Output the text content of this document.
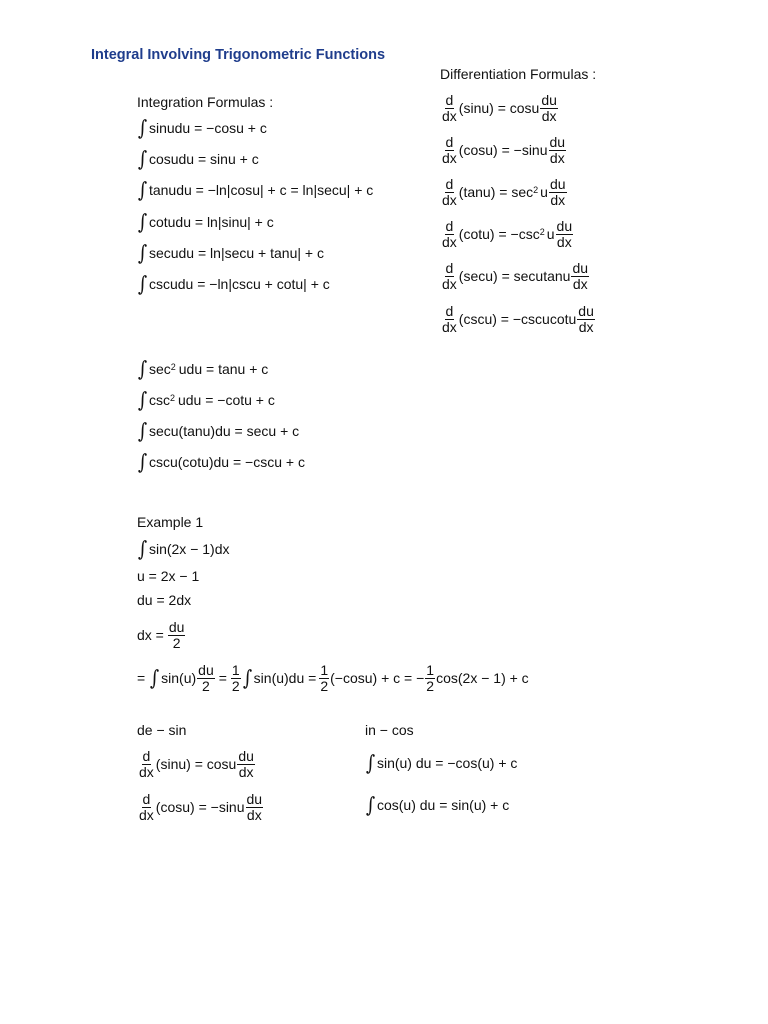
Integral Involving Trigonometric Functions
Integration Formulas :
∫ sinudu = −cosu + c
∫ cosudu = sinu + c
∫ tanudu = −ln|cosu| + c = ln|secu| + c
∫ cotudu = ln|sinu| + c
∫ secudu = ln|secu + tanu| + c
∫ cscudu = −ln|cscu + cotu| + c
Differentiation Formulas :
$\frac{d}{dx} (\sin u) = \cos u \frac{du}{dx}$
$\frac{d}{dx} (\cos u) = -\sin u \frac{du}{dx}$
$\frac{d}{dx} (\tan u) = \sec^2 u \frac{du}{dx}$
$\frac{d}{dx} (\cot u) = -\csc^2$ u $\frac{du}{dx}$
$\frac{d}{dx} (\sec u)$ = secutanu $\frac{du}{dx}$
$\frac{d}{dx} (\csc u)$ = −cscucotu $\frac{du}{dx}$
∫ $\sec^2$ udu = tanu + c
∫ $\csc^2$ udu = −cotu + c
∫ secu(tanu)du = secu + c
∫ cscu(cotu)du = −cscu + c
Example 1
∫ sin(2x − 1)dx
u = 2x − 1
du = 2dx
dx = $\frac{du}{2}$
= ∫ $\sin(u) \frac{du}{2} = \frac{1}{2}$ ∫ $\sin(u)du = \frac{1}{2} (-\cos u) + c$ = − $\frac{1}{2} \cos(2x - 1) + c$
de − sin
$\frac{d}{dx} (\sin u) = \cos u \frac{du}{dx}$
$\frac{d}{dx} (\cos u) = -\sin u \frac{du}{dx}$
in − cos
∫ sin(u) du = −cos(u) + c
∫ cos(u) du = sin(u) + c
